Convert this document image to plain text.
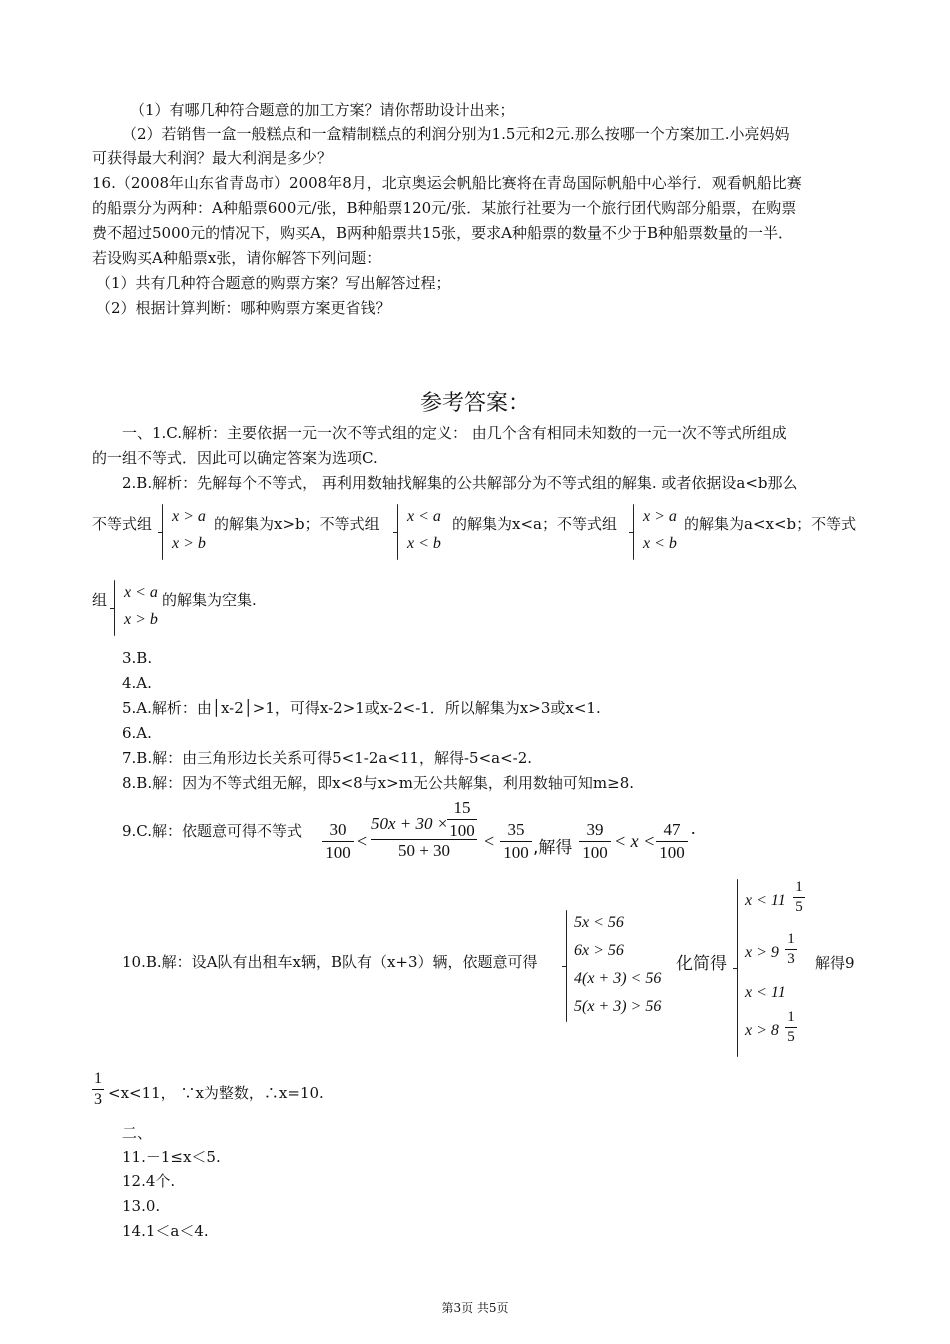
（1）有哪几种符合题意的加工方案？请你帮助设计出来；
（2）若销售一盒一般糕点和一盒精制糕点的利润分别为1.5元和2元.那么按哪一个方案加工.小亮妈妈
可获得最大利润？最大利润是多少？
16.（2008年山东省青岛市）2008年8月，北京奥运会帆船比赛将在青岛国际帆船中心举行．观看帆船比赛
的船票分为两种：A种船票600元/张，B种船票120元/张．某旅行社要为一个旅行团代购部分船票，在购票
费不超过5000元的情况下，购买A，B两种船票共15张，要求A种船票的数量不少于B种船票数量的一半．
若设购买A种船票x张，请你解答下列问题：
（1）共有几种符合题意的购票方案？写出解答过程；
（2）根据计算判断：哪种购票方案更省钱？
参考答案：
一、1.C.解析：主要依据一元一次不等式组的定义： 由几个含有相同未知数的一元一次不等式所组成
的一组不等式．因此可以确定答案为选项C.
2.B.解析：先解每个不等式， 再利用数轴找解集的公共解部分为不等式组的解集. 或者依据设a<b那么
不等式组 x > a
x > b
的解集为x>b；不等式组 x < a
x < b
的解集为x<a；不等式组 x > a
x < b
的解集为a<x<b；不等式
组 x < a
x > b
的解集为空集.
3.B.
4.A.
5.A.解析：由│x-2│>1，可得x-2>1或x-2<-1．所以解集为x>3或x<1.
6.A.
7.B.解：由三角形边长关系可得5<1-2a<11，解得-5<a<-2.
8.B.解：因为不等式组无解，即x<8与x>m无公共解集，利用数轴可知m≥8.
9.C.解：依题意可得不等式	30
100
<
50x + 30 ×
15
100
50 + 30	<
35
100 ,解得
39
100
< x <
47
100
.
10.B.解：设A队有出租车x辆，B队有（x+3）辆，依题意可得
5x < 56
6x > 56
4(x + 3) < 56
5(x + 3) > 56
化简得
x < 11
1
5
x > 9
1
3
x < 11
x > 8
1
5
解得9
1
3 <x<11， ∵x为整数，∴x=10.
二、
11.－1≤x＜5.
12.4个.
13.0.
14.1＜a＜4.
第3页 共5页
